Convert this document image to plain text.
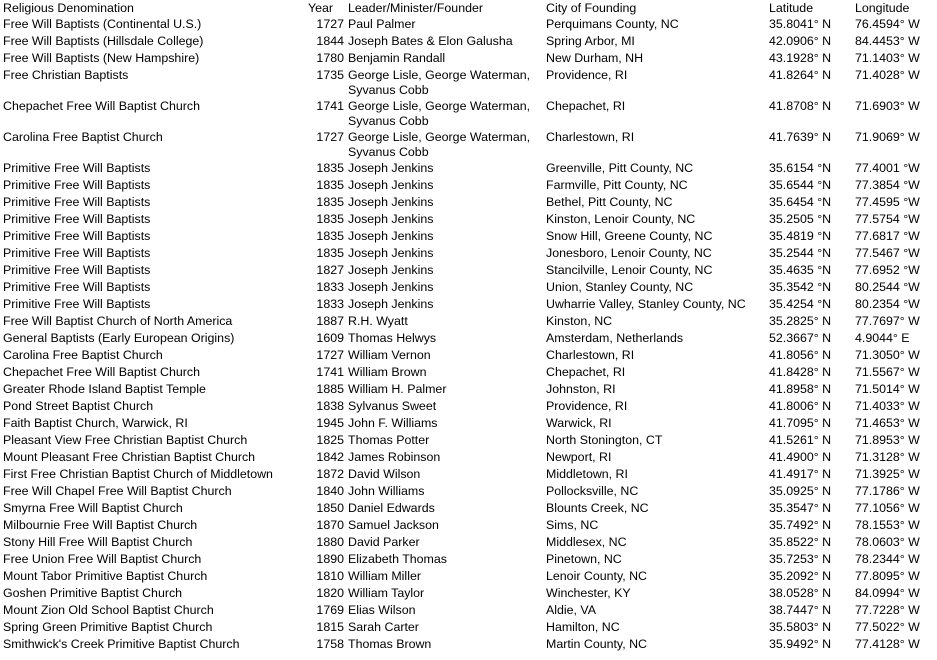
Religious Denomination	Year	Leader/Minister/Founder	City of Founding	Latitude	Longitude
Free Will Baptists (Continental U.S.)	1727	Paul Palmer	Perquimans County, NC	35.8041° N	76.4594° W
Free Will Baptists (Hillsdale College)	1844	Joseph Bates & Elon Galusha	Spring Arbor, MI	42.0906° N	84.4453° W
Free Will Baptists (New Hampshire)	1780	Benjamin Randall	New Durham, NH	43.1928° N	71.1403° W
Free Christian Baptists	1735	George Lisle, George Waterman, Syvanus Cobb	Providence, RI	41.8264° N	71.4028° W
Chepachet Free Will Baptist Church	1741	George Lisle, George Waterman, Syvanus Cobb	Chepachet, RI	41.8708° N	71.6903° W
Carolina Free Baptist Church	1727	George Lisle, George Waterman, Syvanus Cobb	Charlestown, RI	41.7639° N	71.9069° W
Primitive Free Will Baptists	1835	Joseph Jenkins	Greenville, Pitt County, NC	35.6154 °N	77.4001 °W
Primitive Free Will Baptists	1835	Joseph Jenkins	Farmville, Pitt County, NC	35.6544 °N	77.3854 °W
Primitive Free Will Baptists	1835	Joseph Jenkins	Bethel, Pitt County, NC	35.6454 °N	77.4595 °W
Primitive Free Will Baptists	1835	Joseph Jenkins	Kinston, Lenoir County, NC	35.2505 °N	77.5754 °W
Primitive Free Will Baptists	1835	Joseph Jenkins	Snow Hill, Greene County, NC	35.4819 °N	77.6817 °W
Primitive Free Will Baptists	1835	Joseph Jenkins	Jonesboro, Lenoir County, NC	35.2544 °N	77.5467 °W
Primitive Free Will Baptists	1827	Joseph Jenkins	Stancilville, Lenoir County, NC	35.4635 °N	77.6952 °W
Primitive Free Will Baptists	1833	Joseph Jenkins	Union, Stanley County, NC	35.3542 °N	80.2544 °W
Primitive Free Will Baptists	1833	Joseph Jenkins	Uwharrie Valley, Stanley County, NC	35.4254 °N	80.2354 °W
Free Will Baptist Church of North America	1887	R.H. Wyatt	Kinston, NC	35.2825° N	77.7697° W
General Baptists (Early European Origins)	1609	Thomas Helwys	Amsterdam, Netherlands	52.3667° N	4.9044° E
Carolina Free Baptist Church	1727	William Vernon	Charlestown, RI	41.8056° N	71.3050° W
Chepachet Free Will Baptist Church	1741	William Brown	Chepachet, RI	41.8428° N	71.5567° W
Greater Rhode Island Baptist Temple	1885	William H. Palmer	Johnston, RI	41.8958° N	71.5014° W
Pond Street Baptist Church	1838	Sylvanus Sweet	Providence, RI	41.8006° N	71.4033° W
Faith Baptist Church, Warwick, RI	1945	John F. Williams	Warwick, RI	41.7095° N	71.4653° W
Pleasant View Free Christian Baptist Church	1825	Thomas Potter	North Stonington, CT	41.5261° N	71.8953° W
Mount Pleasant Free Christian Baptist Church	1842	James Robinson	Newport, RI	41.4900° N	71.3128° W
First Free Christian Baptist Church of Middletown	1872	David Wilson	Middletown, RI	41.4917° N	71.3925° W
Free Will Chapel Free Will Baptist Church	1840	John Williams	Pollocksville, NC	35.0925° N	77.1786° W
Smyrna Free Will Baptist Church	1850	Daniel Edwards	Blounts Creek, NC	35.3547° N	77.1056° W
Milbournie Free Will Baptist Church	1870	Samuel Jackson	Sims, NC	35.7492° N	78.1553° W
Stony Hill Free Will Baptist Church	1880	David Parker	Middlesex, NC	35.8522° N	78.0603° W
Free Union Free Will Baptist Church	1890	Elizabeth Thomas	Pinetown, NC	35.7253° N	78.2344° W
Mount Tabor Primitive Baptist Church	1810	William Miller	Lenoir County, NC	35.2092° N	77.8095° W
Goshen Primitive Baptist Church	1820	William Taylor	Winchester, KY	38.0528° N	84.0994° W
Mount Zion Old School Baptist Church	1769	Elias Wilson	Aldie, VA	38.7447° N	77.7228° W
Spring Green Primitive Baptist Church	1815	Sarah Carter	Hamilton, NC	35.5803° N	77.5022° W
Smithwick's Creek Primitive Baptist Church	1758	Thomas Brown	Martin County, NC	35.9492° N	77.4128° W
